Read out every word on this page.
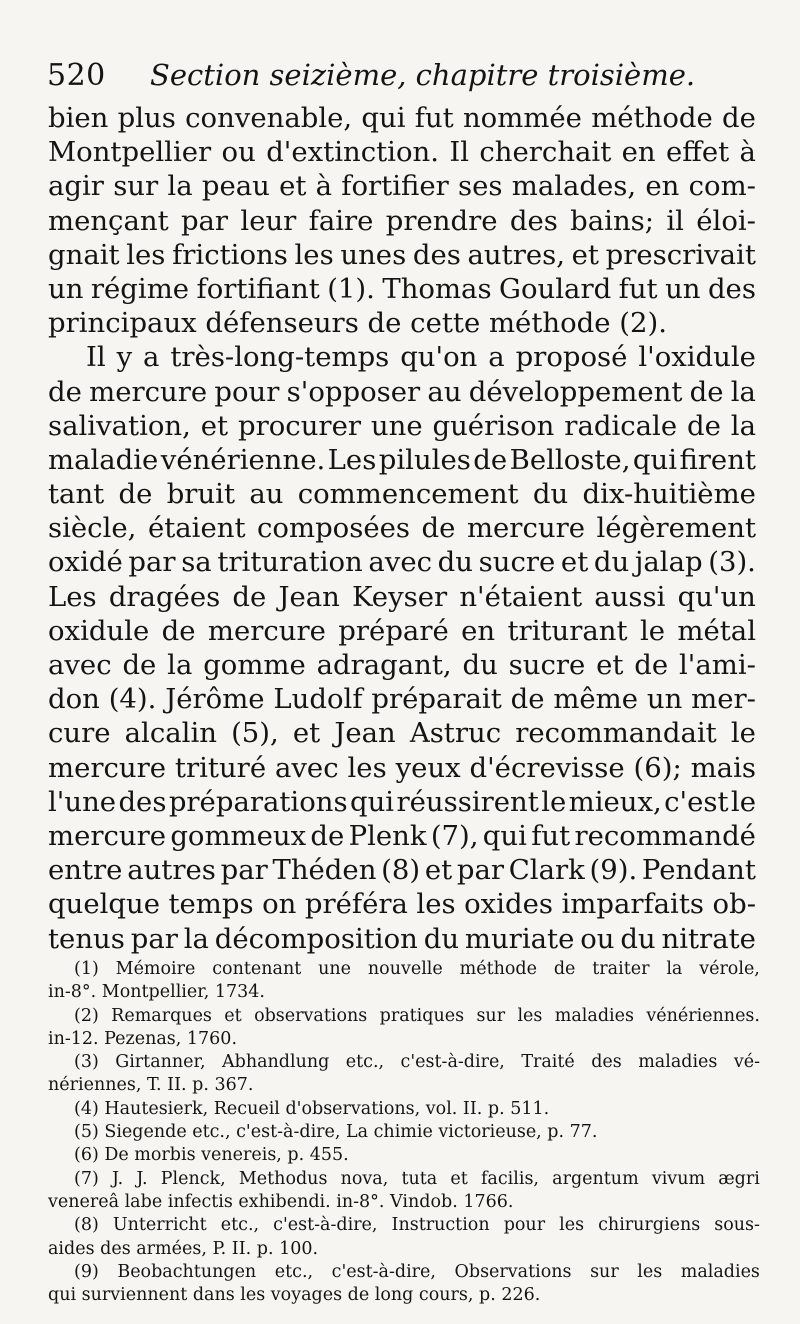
520 Section seizième, chapitre troisième.
bien plus convenable, qui fut nommée méthode de
Montpellier ou d'extinction. Il cherchait en effet à
agir sur la peau et à fortifier ses malades, en com-
mençant par leur faire prendre des bains; il éloi-
gnait les frictions les unes des autres, et prescrivait
un régime fortifiant (1). Thomas Goulard fut un des
principaux défenseurs de cette méthode (2).
Il y a très-long-temps qu'on a proposé l'oxidule
de mercure pour s'opposer au développement de la
salivation, et procurer une guérison radicale de la
maladie vénérienne. Les pilules de Belloste, qui firent
tant de bruit au commencement du dix-huitième
siècle, étaient composées de mercure légèrement
oxidé par sa trituration avec du sucre et du jalap (3).
Les dragées de Jean Keyser n'étaient aussi qu'un
oxidule de mercure préparé en triturant le métal
avec de la gomme adragant, du sucre et de l'ami-
don (4). Jérôme Ludolf préparait de même un mer-
cure alcalin (5), et Jean Astruc recommandait le
mercure trituré avec les yeux d'écrevisse (6); mais
l'une des préparations qui réussirent le mieux, c'est le
mercure gommeux de Plenk (7), qui fut recommandé
entre autres par Théden (8) et par Clark (9). Pendant
quelque temps on préféra les oxides imparfaits ob-
tenus par la décomposition du muriate ou du nitrate
(1) Mémoire contenant une nouvelle méthode de traiter la vérole,
in-8°. Montpellier, 1734.
(2) Remarques et observations pratiques sur les maladies vénériennes.
in-12. Pezenas, 1760.
(3) Girtanner, Abhandlung etc., c'est-à-dire, Traité des maladies vé-
nériennes, T. II. p. 367.
(4) Hautesierk, Recueil d'observations, vol. II. p. 511.
(5) Siegende etc., c'est-à-dire, La chimie victorieuse, p. 77.
(6) De morbis venereis, p. 455.
(7) J. J. Plenck, Methodus nova, tuta et facilis, argentum vivum ægri
venereâ labe infectis exhibendi. in-8°. Vindob. 1766.
(8) Unterricht etc., c'est-à-dire, Instruction pour les chirurgiens sous-
aides des armées, P. II. p. 100.
(9) Beobachtungen etc., c'est-à-dire, Observations sur les maladies
qui surviennent dans les voyages de long cours, p. 226.
